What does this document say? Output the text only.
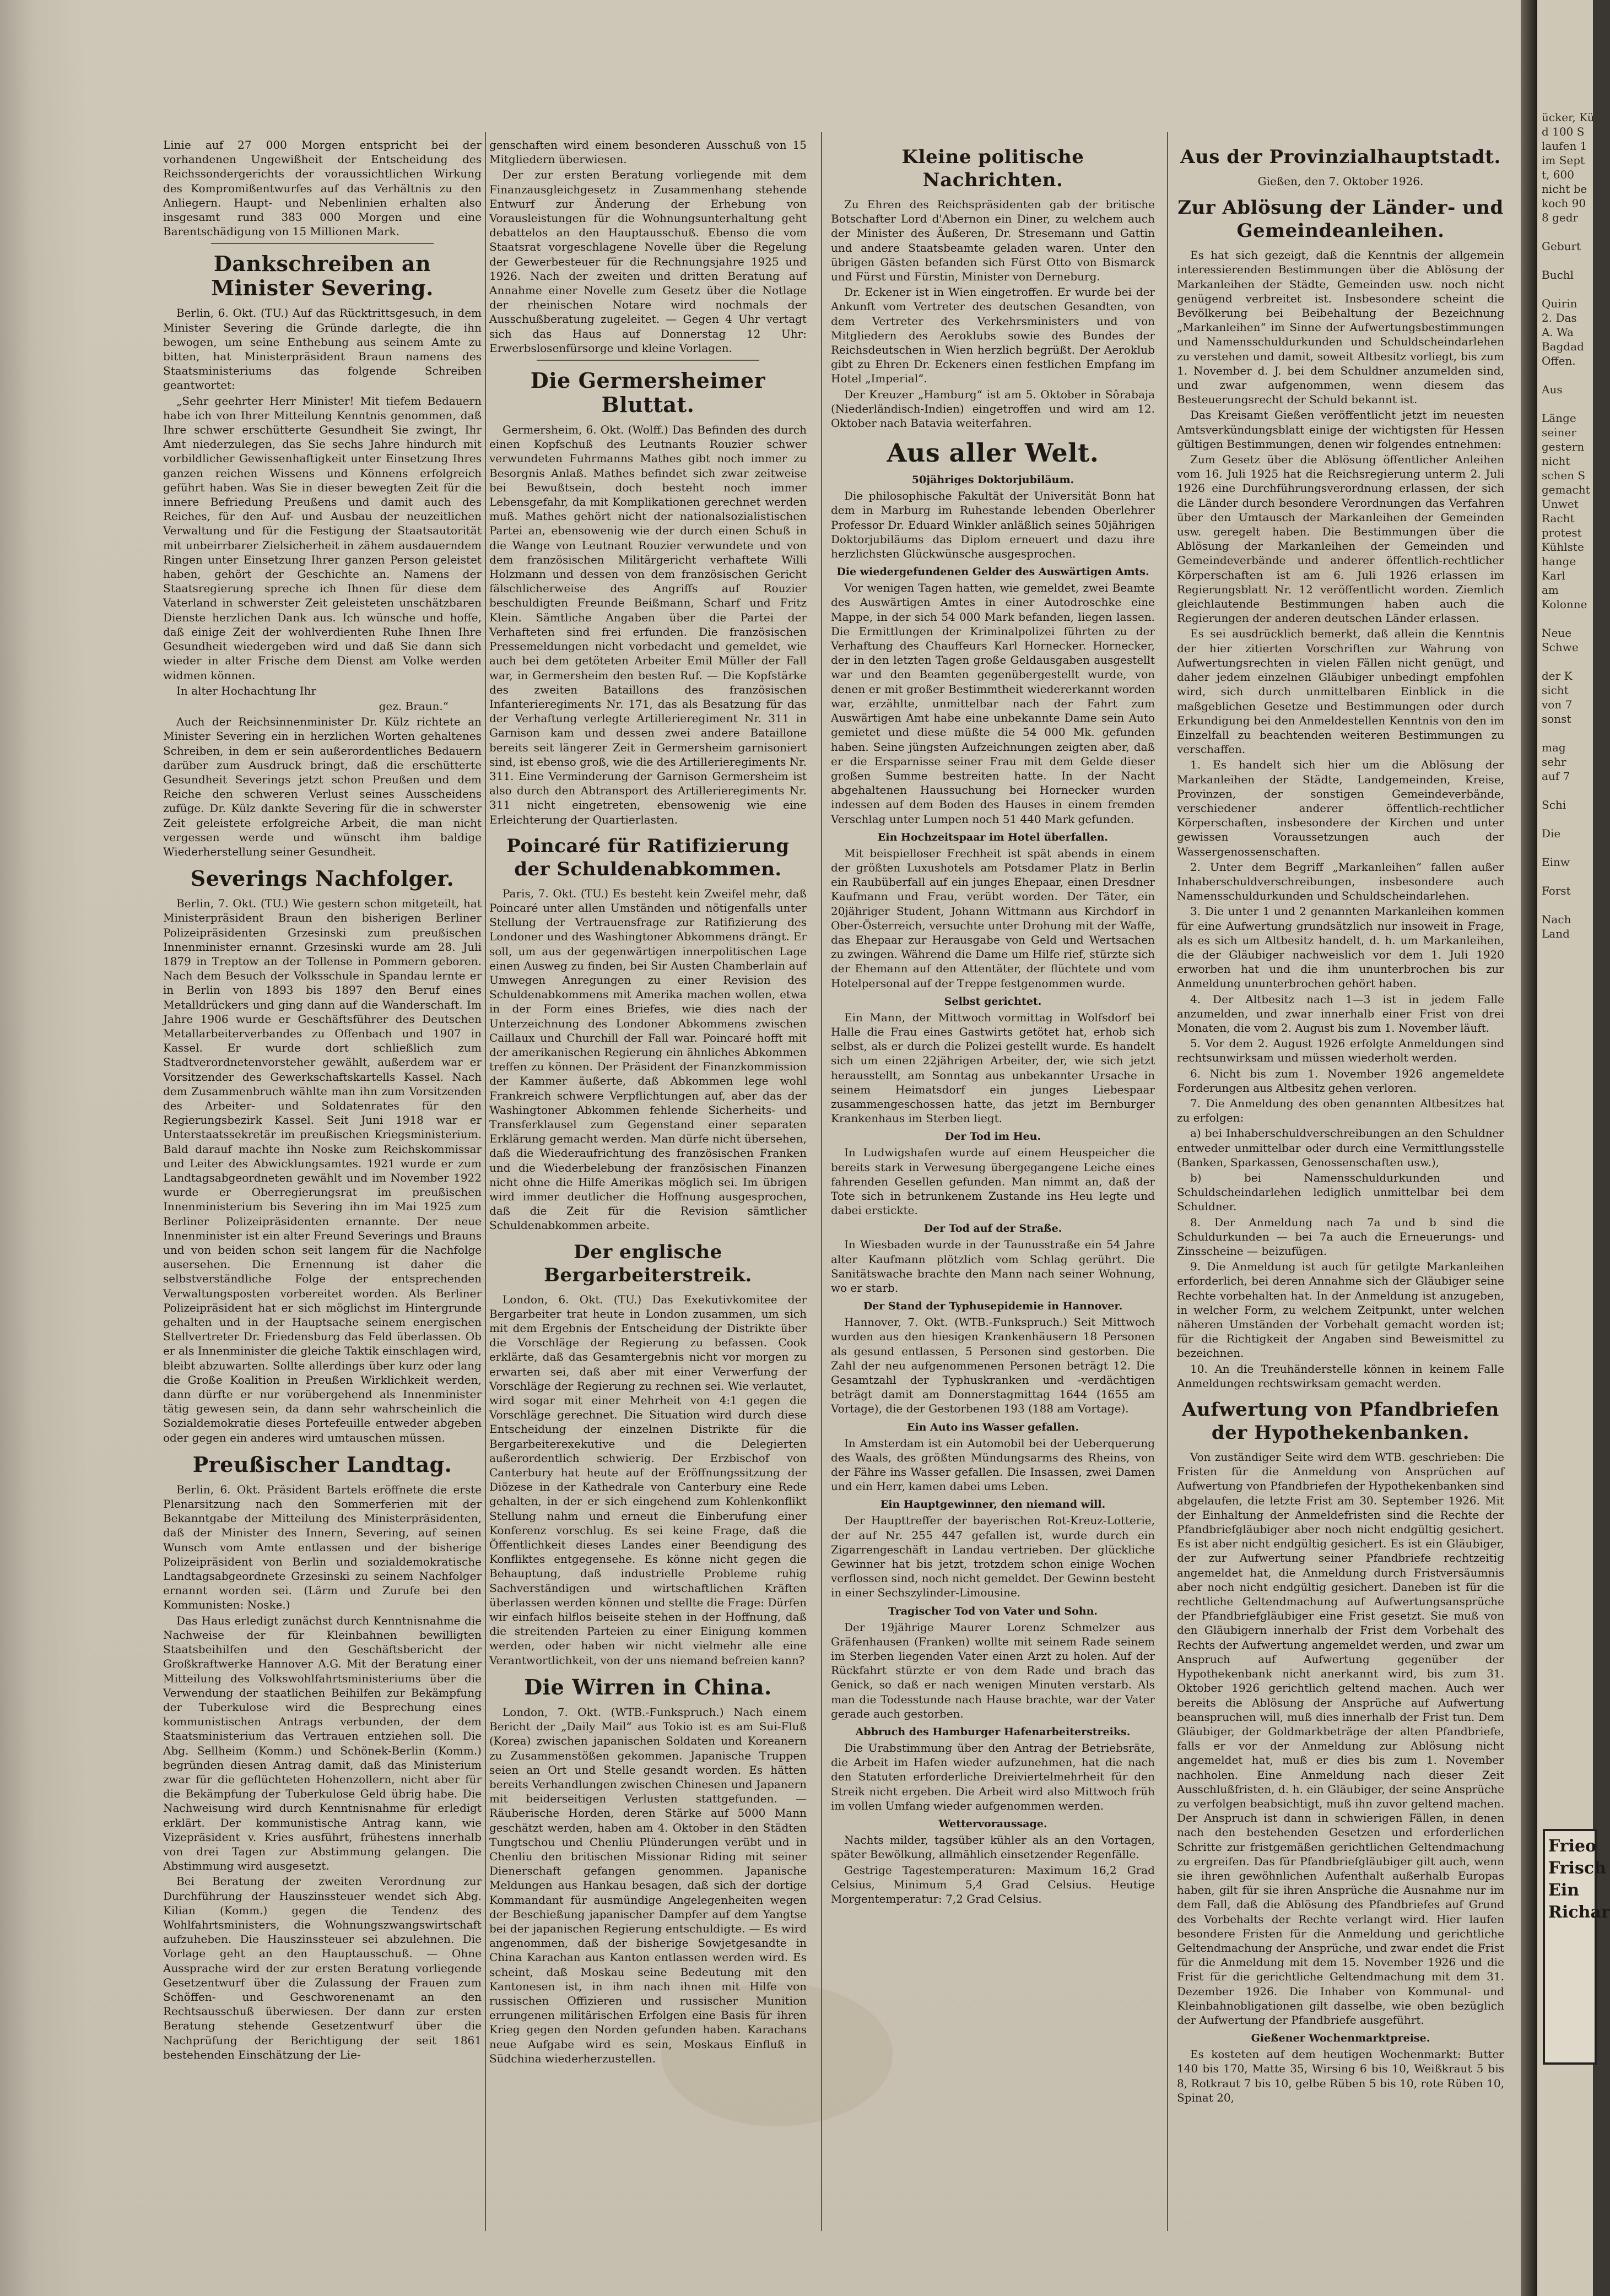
Linie auf 27 000 Morgen entspricht bei der vorhandenen Ungewißheit der Entscheidung des Reichssondergerichts der voraussichtlichen Wirkung des Kompromißentwurfes auf das Verhältnis zu den Anliegern. Haupt- und Nebenlinien erhalten also insgesamt rund 383 000 Morgen und eine Barentschädigung von 15 Millionen Mark.

Dankschreiben an Minister Severing.

Berlin, 6. Okt. (TU.) Auf das Rücktrittsgesuch, in dem Minister Severing die Gründe darlegte, die ihn bewogen, um seine Enthebung aus seinem Amte zu bitten, hat Ministerpräsident Braun namens des Staatsministeriums das folgende Schreiben geantwortet:

„Sehr geehrter Herr Minister! Mit tiefem Bedauern habe ich von Ihrer Mitteilung Kenntnis genommen, daß Ihre schwer erschütterte Gesundheit Sie zwingt, Ihr Amt niederzulegen, das Sie sechs Jahre hindurch mit vorbildlicher Gewissenhaftigkeit unter Einsetzung Ihres ganzen reichen Wissens und Könnens erfolgreich geführt haben. Was Sie in dieser bewegten Zeit für die innere Befriedung Preußens und damit auch des Reiches, für den Auf- und Ausbau der neuzeitlichen Verwaltung und für die Festigung der Staatsautorität mit unbeirrbarer Zielsicherheit in zähem ausdauerndem Ringen unter Einsetzung Ihrer ganzen Person geleistet haben, gehört der Geschichte an. Namens der Staatsregierung spreche ich Ihnen für diese dem Vaterland in schwerster Zeit geleisteten unschätzbaren Dienste herzlichen Dank aus. Ich wünsche und hoffe, daß einige Zeit der wohlverdienten Ruhe Ihnen Ihre Gesundheit wiedergeben wird und daß Sie dann sich wieder in alter Frische dem Dienst am Volke werden widmen können.

In alter Hochachtung Ihr

gez. Braun.“

Auch der Reichsinnenminister Dr. Külz richtete an Minister Severing ein in herzlichen Worten gehaltenes Schreiben, in dem er sein außerordentliches Bedauern darüber zum Ausdruck bringt, daß die erschütterte Gesundheit Severings jetzt schon Preußen und dem Reiche den schweren Verlust seines Ausscheidens zufüge. Dr. Külz dankte Severing für die in schwerster Zeit geleistete erfolgreiche Arbeit, die man nicht vergessen werde und wünscht ihm baldige Wiederherstellung seiner Gesundheit.

Severings Nachfolger.

Berlin, 7. Okt. (TU.) Wie gestern schon mitgeteilt, hat Ministerpräsident Braun den bisherigen Berliner Polizeipräsidenten Grzesinski zum preußischen Innenminister ernannt. Grzesinski wurde am 28. Juli 1879 in Treptow an der Tollense in Pommern geboren. Nach dem Besuch der Volksschule in Spandau lernte er in Berlin von 1893 bis 1897 den Beruf eines Metalldrückers und ging dann auf die Wanderschaft. Im Jahre 1906 wurde er Geschäftsführer des Deutschen Metallarbeiterverbandes zu Offenbach und 1907 in Kassel. Er wurde dort schließlich zum Stadtverordnetenvorsteher gewählt, außerdem war er Vorsitzender des Gewerkschaftskartells Kassel. Nach dem Zusammenbruch wählte man ihn zum Vorsitzenden des Arbeiter- und Soldatenrates für den Regierungsbezirk Kassel. Seit Juni 1918 war er Unterstaatssekretär im preußischen Kriegsministerium. Bald darauf machte ihn Noske zum Reichskommissar und Leiter des Abwicklungsamtes. 1921 wurde er zum Landtagsabgeordneten gewählt und im November 1922 wurde er Oberregierungsrat im preußischen Innenministerium bis Severing ihn im Mai 1925 zum Berliner Polizeipräsidenten ernannte. Der neue Innenminister ist ein alter Freund Severings und Brauns und von beiden schon seit langem für die Nachfolge ausersehen. Die Ernennung ist daher die selbstverständliche Folge der entsprechenden Verwaltungsposten vorbereitet worden. Als Berliner Polizeipräsident hat er sich möglichst im Hintergrunde gehalten und in der Hauptsache seinem energischen Stellvertreter Dr. Friedensburg das Feld überlassen. Ob er als Innenminister die gleiche Taktik einschlagen wird, bleibt abzuwarten. Sollte allerdings über kurz oder lang die Große Koalition in Preußen Wirklichkeit werden, dann dürfte er nur vorübergehend als Innenminister tätig gewesen sein, da dann sehr wahrscheinlich die Sozialdemokratie dieses Portefeuille entweder abgeben oder gegen ein anderes wird umtauschen müssen.

Preußischer Landtag.

Berlin, 6. Okt. Präsident Bartels eröffnete die erste Plenarsitzung nach den Sommerferien mit der Bekanntgabe der Mitteilung des Ministerpräsidenten, daß der Minister des Innern, Severing, auf seinen Wunsch vom Amte entlassen und der bisherige Polizeipräsident von Berlin und sozialdemokratische Landtagsabgeordnete Grzesinski zu seinem Nachfolger ernannt worden sei. (Lärm und Zurufe bei den Kommunisten: Noske.)

Das Haus erledigt zunächst durch Kenntnisnahme die Nachweise der für Kleinbahnen bewilligten Staatsbeihilfen und den Geschäftsbericht der Großkraftwerke Hannover A.G. Mit der Beratung einer Mitteilung des Volkswohlfahrtsministeriums über die Verwendung der staatlichen Beihilfen zur Bekämpfung der Tuberkulose wird die Besprechung eines kommunistischen Antrags verbunden, der dem Staatsministerium das Vertrauen entziehen soll. Die Abg. Sellheim (Komm.) und Schönek-Berlin (Komm.) begründen diesen Antrag damit, daß das Ministerium zwar für die geflüchteten Hohenzollern, nicht aber für die Bekämpfung der Tuberkulose Geld übrig habe. Die Nachweisung wird durch Kenntnisnahme für erledigt erklärt. Der kommunistische Antrag kann, wie Vizepräsident v. Kries ausführt, frühestens innerhalb von drei Tagen zur Abstimmung gelangen. Die Abstimmung wird ausgesetzt.

Bei Beratung der zweiten Verordnung zur Durchführung der Hauszinssteuer wendet sich Abg. Kilian (Komm.) gegen die Tendenz des Wohlfahrtsministers, die Wohnungszwangswirtschaft aufzuheben. Die Hauszinssteuer sei abzulehnen. Die Vorlage geht an den Hauptausschuß. — Ohne Aussprache wird der zur ersten Beratung vorliegende Gesetzentwurf über die Zulassung der Frauen zum Schöffen- und Geschworenenamt an den Rechtsausschuß überwiesen. Der dann zur ersten Beratung stehende Gesetzentwurf über die Nachprüfung der Berichtigung der seit 1861 bestehenden Einschätzung der Lie-

genschaften wird einem besonderen Ausschuß von 15 Mitgliedern überwiesen.

Der zur ersten Beratung vorliegende mit dem Finanzausgleichgesetz in Zusammenhang stehende Entwurf zur Änderung der Erhebung von Vorausleistungen für die Wohnungsunterhaltung geht debattelos an den Hauptausschuß. Ebenso die vom Staatsrat vorgeschlagene Novelle über die Regelung der Gewerbesteuer für die Rechnungsjahre 1925 und 1926. Nach der zweiten und dritten Beratung auf Annahme einer Novelle zum Gesetz über die Notlage der rheinischen Notare wird nochmals der Ausschußberatung zugeleitet. — Gegen 4 Uhr vertagt sich das Haus auf Donnerstag 12 Uhr: Erwerbslosenfürsorge und kleine Vorlagen.

Die Germersheimer Bluttat.

Germersheim, 6. Okt. (Wolff.) Das Befinden des durch einen Kopfschuß des Leutnants Rouzier schwer verwundeten Fuhrmanns Mathes gibt noch immer zu Besorgnis Anlaß. Mathes befindet sich zwar zeitweise bei Bewußtsein, doch besteht noch immer Lebensgefahr, da mit Komplikationen gerechnet werden muß. Mathes gehört nicht der nationalsozialistischen Partei an, ebensowenig wie der durch einen Schuß in die Wange von Leutnant Rouzier verwundete und von dem französischen Militärgericht verhaftete Willi Holzmann und dessen von dem französischen Gericht fälschlicherweise des Angriffs auf Rouzier beschuldigten Freunde Beißmann, Scharf und Fritz Klein. Sämtliche Angaben über die Partei der Verhafteten sind frei erfunden. Die französischen Pressemeldungen nicht vorbedacht und gemeldet, wie auch bei dem getöteten Arbeiter Emil Müller der Fall war, in Germersheim den besten Ruf. — Die Kopfstärke des zweiten Bataillons des französischen Infanterieregiments Nr. 171, das als Besatzung für das der Verhaftung verlegte Artillerieregiment Nr. 311 in Garnison kam und dessen zwei andere Bataillone bereits seit längerer Zeit in Germersheim garnisoniert sind, ist ebenso groß, wie die des Artillerieregiments Nr. 311. Eine Verminderung der Garnison Germersheim ist also durch den Abtransport des Artillerieregiments Nr. 311 nicht eingetreten, ebensowenig wie eine Erleichterung der Quartierlasten.

Poincaré für Ratifizierung der Schuldenabkommen.

Paris, 7. Okt. (TU.) Es besteht kein Zweifel mehr, daß Poincaré unter allen Umständen und nötigenfalls unter Stellung der Vertrauensfrage zur Ratifizierung des Londoner und des Washingtoner Abkommens drängt. Er soll, um aus der gegenwärtigen innerpolitischen Lage einen Ausweg zu finden, bei Sir Austen Chamberlain auf Umwegen Anregungen zu einer Revision des Schuldenabkommens mit Amerika machen wollen, etwa in der Form eines Briefes, wie dies nach der Unterzeichnung des Londoner Abkommens zwischen Caillaux und Churchill der Fall war. Poincaré hofft mit der amerikanischen Regierung ein ähnliches Abkommen treffen zu können. Der Präsident der Finanzkommission der Kammer äußerte, daß Abkommen lege wohl Frankreich schwere Verpflichtungen auf, aber das der Washingtoner Abkommen fehlende Sicherheits- und Transferklausel zum Gegenstand einer separaten Erklärung gemacht werden. Man dürfe nicht übersehen, daß die Wiederaufrichtung des französischen Franken und die Wiederbelebung der französischen Finanzen nicht ohne die Hilfe Amerikas möglich sei. Im übrigen wird immer deutlicher die Hoffnung ausgesprochen, daß die Zeit für die Revision sämtlicher Schuldenabkommen arbeite.

Der englische Bergarbeiterstreik.

London, 6. Okt. (TU.) Das Exekutivkomitee der Bergarbeiter trat heute in London zusammen, um sich mit dem Ergebnis der Entscheidung der Distrikte über die Vorschläge der Regierung zu befassen. Cook erklärte, daß das Gesamtergebnis nicht vor morgen zu erwarten sei, daß aber mit einer Verwerfung der Vorschläge der Regierung zu rechnen sei. Wie verlautet, wird sogar mit einer Mehrheit von 4:1 gegen die Vorschläge gerechnet. Die Situation wird durch diese Entscheidung der einzelnen Distrikte für die Bergarbeiterexekutive und die Delegierten außerordentlich schwierig. Der Erzbischof von Canterbury hat heute auf der Eröffnungssitzung der Diözese in der Kathedrale von Canterbury eine Rede gehalten, in der er sich eingehend zum Kohlenkonflikt Stellung nahm und erneut die Einberufung einer Konferenz vorschlug. Es sei keine Frage, daß die Öffentlichkeit dieses Landes einer Beendigung des Konfliktes entgegensehe. Es könne nicht gegen die Behauptung, daß industrielle Probleme ruhig Sachverständigen und wirtschaftlichen Kräften überlassen werden können und stellte die Frage: Dürfen wir einfach hilflos beiseite stehen in der Hoffnung, daß die streitenden Parteien zu einer Einigung kommen werden, oder haben wir nicht vielmehr alle eine Verantwortlichkeit, von der uns niemand befreien kann?

Die Wirren in China.

London, 7. Okt. (WTB.-Funkspruch.) Nach einem Bericht der „Daily Mail“ aus Tokio ist es am Sui-Fluß (Korea) zwischen japanischen Soldaten und Koreanern zu Zusammenstößen gekommen. Japanische Truppen seien an Ort und Stelle gesandt worden. Es hätten bereits Verhandlungen zwischen Chinesen und Japanern mit beiderseitigen Verlusten stattgefunden. — Räuberische Horden, deren Stärke auf 5000 Mann geschätzt werden, haben am 4. Oktober in den Städten Tungtschou und Chenliu Plünderungen verübt und in Chenliu den britischen Missionar Riding mit seiner Dienerschaft gefangen genommen. Japanische Meldungen aus Hankau besagen, daß sich der dortige Kommandant für ausmündige Angelegenheiten wegen der Beschießung japanischer Dampfer auf dem Yangtse bei der japanischen Regierung entschuldigte. — Es wird angenommen, daß der bisherige Sowjetgesandte in China Karachan aus Kanton entlassen werden wird. Es scheint, daß Moskau seine Bedeutung mit den Kantonesen ist, in ihm nach ihnen mit Hilfe von russischen Offizieren und russischer Munition errungenen militärischen Erfolgen eine Basis für ihren Krieg gegen den Norden gefunden haben. Karachans neue Aufgabe wird es sein, Moskaus Einfluß in Südchina wiederherzustellen.

Kleine politische Nachrichten.

Zu Ehren des Reichspräsidenten gab der britische Botschafter Lord d'Abernon ein Diner, zu welchem auch der Minister des Äußeren, Dr. Stresemann und Gattin und andere Staatsbeamte geladen waren. Unter den übrigen Gästen befanden sich Fürst Otto von Bismarck und Fürst und Fürstin, Minister von Derneburg.

Dr. Eckener ist in Wien eingetroffen. Er wurde bei der Ankunft vom Vertreter des deutschen Gesandten, von dem Vertreter des Verkehrsministers und von Mitgliedern des Aeroklubs sowie des Bundes der Reichsdeutschen in Wien herzlich begrüßt. Der Aeroklub gibt zu Ehren Dr. Eckeners einen festlichen Empfang im Hotel „Imperial“.

Der Kreuzer „Hamburg“ ist am 5. Oktober in Sôrabaja (Niederländisch-Indien) eingetroffen und wird am 12. Oktober nach Batavia weiterfahren.

Aus aller Welt.
50jähriges Doktorjubiläum.

Die philosophische Fakultät der Universität Bonn hat dem in Marburg im Ruhestande lebenden Oberlehrer Professor Dr. Eduard Winkler anläßlich seines 50jährigen Doktorjubiläums das Diplom erneuert und dazu ihre herzlichsten Glückwünsche ausgesprochen.

Die wiedergefundenen Gelder des Auswärtigen Amts.

Vor wenigen Tagen hatten, wie gemeldet, zwei Beamte des Auswärtigen Amtes in einer Autodroschke eine Mappe, in der sich 54 000 Mark befanden, liegen lassen. Die Ermittlungen der Kriminalpolizei führten zu der Verhaftung des Chauffeurs Karl Hornecker. Hornecker, der in den letzten Tagen große Geldausgaben ausgestellt war und den Beamten gegenübergestellt wurde, von denen er mit großer Bestimmtheit wiedererkannt worden war, erzählte, unmittelbar nach der Fahrt zum Auswärtigen Amt habe eine unbekannte Dame sein Auto gemietet und diese müßte die 54 000 Mk. gefunden haben. Seine jüngsten Aufzeichnungen zeigten aber, daß er die Ersparnisse seiner Frau mit dem Gelde dieser großen Summe bestreiten hatte. In der Nacht abgehaltenen Haussuchung bei Hornecker wurden indessen auf dem Boden des Hauses in einem fremden Verschlag unter Lumpen noch 51 440 Mark gefunden.

Ein Hochzeitspaar im Hotel überfallen.

Mit beispielloser Frechheit ist spät abends in einem der größten Luxushotels am Potsdamer Platz in Berlin ein Raubüberfall auf ein junges Ehepaar, einen Dresdner Kaufmann und Frau, verübt worden. Der Täter, ein 20jähriger Student, Johann Wittmann aus Kirchdorf in Ober-Österreich, versuchte unter Drohung mit der Waffe, das Ehepaar zur Herausgabe von Geld und Wertsachen zu zwingen. Während die Dame um Hilfe rief, stürzte sich der Ehemann auf den Attentäter, der flüchtete und vom Hotelpersonal auf der Treppe festgenommen wurde.

Selbst gerichtet.

Ein Mann, der Mittwoch vormittag in Wolfsdorf bei Halle die Frau eines Gastwirts getötet hat, erhob sich selbst, als er durch die Polizei gestellt wurde. Es handelt sich um einen 22jährigen Arbeiter, der, wie sich jetzt herausstellt, am Sonntag aus unbekannter Ursache in seinem Heimatsdorf ein junges Liebespaar zusammengeschossen hatte, das jetzt im Bernburger Krankenhaus im Sterben liegt.

Der Tod im Heu.

In Ludwigshafen wurde auf einem Heuspeicher die bereits stark in Verwesung übergegangene Leiche eines fahrenden Gesellen gefunden. Man nimmt an, daß der Tote sich in betrunkenem Zustande ins Heu legte und dabei erstickte.

Der Tod auf der Straße.

In Wiesbaden wurde in der Taunusstraße ein 54 Jahre alter Kaufmann plötzlich vom Schlag gerührt. Die Sanitätswache brachte den Mann nach seiner Wohnung, wo er starb.

Der Stand der Typhusepidemie in Hannover.

Hannover, 7. Okt. (WTB.-Funkspruch.) Seit Mittwoch wurden aus den hiesigen Krankenhäusern 18 Personen als gesund entlassen, 5 Personen sind gestorben. Die Zahl der neu aufgenommenen Personen beträgt 12. Die Gesamtzahl der Typhuskranken und -verdächtigen beträgt damit am Donnerstagmittag 1644 (1655 am Vortage), die der Gestorbenen 193 (188 am Vortage).

Ein Auto ins Wasser gefallen.

In Amsterdam ist ein Automobil bei der Ueberquerung des Waals, des größten Mündungsarms des Rheins, von der Fähre ins Wasser gefallen. Die Insassen, zwei Damen und ein Herr, kamen dabei ums Leben.

Ein Hauptgewinner, den niemand will.

Der Haupttreffer der bayerischen Rot-Kreuz-Lotterie, der auf Nr. 255 447 gefallen ist, wurde durch ein Zigarrengeschäft in Landau vertrieben. Der glückliche Gewinner hat bis jetzt, trotzdem schon einige Wochen verflossen sind, noch nicht gemeldet. Der Gewinn besteht in einer Sechszylinder-Limousine.

Tragischer Tod von Vater und Sohn.

Der 19jährige Maurer Lorenz Schmelzer aus Gräfenhausen (Franken) wollte mit seinem Rade seinem im Sterben liegenden Vater einen Arzt zu holen. Auf der Rückfahrt stürzte er von dem Rade und brach das Genick, so daß er nach wenigen Minuten verstarb. Als man die Todesstunde nach Hause brachte, war der Vater gerade auch gestorben.

Abbruch des Hamburger Hafenarbeiterstreiks.

Die Urabstimmung über den Antrag der Betriebsräte, die Arbeit im Hafen wieder aufzunehmen, hat die nach den Statuten erforderliche Dreiviertelmehrheit für den Streik nicht ergeben. Die Arbeit wird also Mittwoch früh im vollen Umfang wieder aufgenommen werden.

Wettervoraussage.

Nachts milder, tagsüber kühler als an den Vortagen, später Bewölkung, allmählich einsetzender Regenfälle.

Gestrige Tagestemperaturen: Maximum 16,2 Grad Celsius, Minimum 5,4 Grad Celsius. Heutige Morgentemperatur: 7,2 Grad Celsius.

Aus der Provinzialhauptstadt.
Gießen, den 7. Oktober 1926.
Zur Ablösung der Länder- und Gemeindeanleihen.

Es hat sich gezeigt, daß die Kenntnis der allgemein interessierenden Bestimmungen über die Ablösung der Markanleihen der Städte, Gemeinden usw. noch nicht genügend verbreitet ist. Insbesondere scheint die Bevölkerung bei Beibehaltung der Bezeichnung „Markanleihen“ im Sinne der Aufwertungsbestimmungen und Namensschuldurkunden und Schuldscheindarlehen zu verstehen und damit, soweit Altbesitz vorliegt, bis zum 1. November d. J. bei dem Schuldner anzumelden sind, und zwar aufgenommen, wenn diesem das Besteuerungsrecht der Schuld bekannt ist.

Das Kreisamt Gießen veröffentlicht jetzt im neuesten Amtsverkündungsblatt einige der wichtigsten für Hessen gültigen Bestimmungen, denen wir folgendes entnehmen:

Zum Gesetz über die Ablösung öffentlicher Anleihen vom 16. Juli 1925 hat die Reichsregierung unterm 2. Juli 1926 eine Durchführungsverordnung erlassen, der sich die Länder durch besondere Verordnungen das Verfahren über den Umtausch der Markanleihen der Gemeinden usw. geregelt haben. Die Bestimmungen über die Ablösung der Markanleihen der Gemeinden und Gemeindeverbände und anderer öffentlich-rechtlicher Körperschaften ist am 6. Juli 1926 erlassen im Regierungsblatt Nr. 12 veröffentlicht worden. Ziemlich gleichlautende Bestimmungen haben auch die Regierungen der anderen deutschen Länder erlassen.

Es sei ausdrücklich bemerkt, daß allein die Kenntnis der hier zitierten Vorschriften zur Wahrung von Aufwertungsrechten in vielen Fällen nicht genügt, und daher jedem einzelnen Gläubiger unbedingt empfohlen wird, sich durch unmittelbaren Einblick in die maßgeblichen Gesetze und Bestimmungen oder durch Erkundigung bei den Anmeldestellen Kenntnis von den im Einzelfall zu beachtenden weiteren Bestimmungen zu verschaffen.

1. Es handelt sich hier um die Ablösung der Markanleihen der Städte, Landgemeinden, Kreise, Provinzen, der sonstigen Gemeindeverbände, verschiedener anderer öffentlich-rechtlicher Körperschaften, insbesondere der Kirchen und unter gewissen Voraussetzungen auch der Wassergenossenschaften.

2. Unter dem Begriff „Markanleihen“ fallen außer Inhaberschuldverschreibungen, insbesondere auch Namensschuldurkunden und Schuldscheindarlehen.

3. Die unter 1 und 2 genannten Markanleihen kommen für eine Aufwertung grundsätzlich nur insoweit in Frage, als es sich um Altbesitz handelt, d. h. um Markanleihen, die der Gläubiger nachweislich vor dem 1. Juli 1920 erworben hat und die ihm ununterbrochen bis zur Anmeldung ununterbrochen gehört haben.

4. Der Altbesitz nach 1—3 ist in jedem Falle anzumelden, und zwar innerhalb einer Frist von drei Monaten, die vom 2. August bis zum 1. November läuft.

5. Vor dem 2. August 1926 erfolgte Anmeldungen sind rechtsunwirksam und müssen wiederholt werden.

6. Nicht bis zum 1. November 1926 angemeldete Forderungen aus Altbesitz gehen verloren.

7. Die Anmeldung des oben genannten Altbesitzes hat zu erfolgen:

a) bei Inhaberschuldverschreibungen an den Schuldner entweder unmittelbar oder durch eine Vermittlungsstelle (Banken, Sparkassen, Genossenschaften usw.),

b) bei Namensschuldurkunden und Schuldscheindarlehen lediglich unmittelbar bei dem Schuldner.

8. Der Anmeldung nach 7a und b sind die Schuldurkunden — bei 7a auch die Erneuerungs- und Zinsscheine — beizufügen.

9. Die Anmeldung ist auch für getilgte Markanleihen erforderlich, bei deren Annahme sich der Gläubiger seine Rechte vorbehalten hat. In der Anmeldung ist anzugeben, in welcher Form, zu welchem Zeitpunkt, unter welchen näheren Umständen der Vorbehalt gemacht worden ist; für die Richtigkeit der Angaben sind Beweismittel zu bezeichnen.

10. An die Treuhänderstelle können in keinem Falle Anmeldungen rechtswirksam gemacht werden.

Aufwertung von Pfandbriefen der Hypothekenbanken.

Von zuständiger Seite wird dem WTB. geschrieben: Die Fristen für die Anmeldung von Ansprüchen auf Aufwertung von Pfandbriefen der Hypothekenbanken sind abgelaufen, die letzte Frist am 30. September 1926. Mit der Einhaltung der Anmeldefristen sind die Rechte der Pfandbriefgläubiger aber noch nicht endgültig gesichert. Es ist aber nicht endgültig gesichert. Es ist ein Gläubiger, der zur Aufwertung seiner Pfandbriefe rechtzeitig angemeldet hat, die Anmeldung durch Fristversäumnis aber noch nicht endgültig gesichert. Daneben ist für die rechtliche Geltendmachung auf Aufwertungsansprüche der Pfandbriefgläubiger eine Frist gesetzt. Sie muß von den Gläubigern innerhalb der Frist dem Vorbehalt des Rechts der Aufwertung angemeldet werden, und zwar um Anspruch auf Aufwertung gegenüber der Hypothekenbank nicht anerkannt wird, bis zum 31. Oktober 1926 gerichtlich geltend machen. Auch wer bereits die Ablösung der Ansprüche auf Aufwertung beanspruchen will, muß dies innerhalb der Frist tun. Dem Gläubiger, der Goldmarkbeträge der alten Pfandbriefe, falls er vor der Anmeldung zur Ablösung nicht angemeldet hat, muß er dies bis zum 1. November nachholen. Eine Anmeldung nach dieser Zeit Ausschlußfristen, d. h. ein Gläubiger, der seine Ansprüche zu verfolgen beabsichtigt, muß ihn zuvor geltend machen. Der Anspruch ist dann in schwierigen Fällen, in denen nach den bestehenden Gesetzen und erforderlichen Schritte zur fristgemäßen gerichtlichen Geltendmachung zu ergreifen. Das für Pfandbriefgläubiger gilt auch, wenn sie ihren gewöhnlichen Aufenthalt außerhalb Europas haben, gilt für sie ihren Ansprüche die Ausnahme nur im dem Fall, daß die Ablösung des Pfandbriefes auf Grund des Vorbehalts der Rechte verlangt wird. Hier laufen besondere Fristen für die Anmeldung und gerichtliche Geltendmachung der Ansprüche, und zwar endet die Frist für die Anmeldung mit dem 15. November 1926 und die Frist für die gerichtliche Geltendmachung mit dem 31. Dezember 1926. Die Inhaber von Kommunal- und Kleinbahnobligationen gilt dasselbe, wie oben bezüglich der Aufwertung der Pfandbriefe ausgeführt.

Gießener Wochenmarktpreise.

Es kosteten auf dem heutigen Wochenmarkt: Butter 140 bis 170, Matte 35, Wirsing 6 bis 10, Weißkraut 5 bis 8, Rotkraut 7 bis 10, gelbe Rüben 5 bis 10, rote Rüben 10, Spinat 20,

ücker, Kü
d 100 S
laufen 1
im Sept
t, 600
nicht be
koch 90
8 gedr

Geburt

Buchl

Quirin
2. Das
A. Wa
Bagdad
Offen.

Aus

Länge
seiner
gestern
nicht
schen S
gemacht
Unwet
Racht
protest
Kühlste
hange
Karl
am
Kolonne

Neue
Schwe

der K
sicht
von 7
sonst

mag
sehr
auf 7

Schi

Die

Einw

Forst

Nach
Land
Frieo
Frisch
Ein
Richar
